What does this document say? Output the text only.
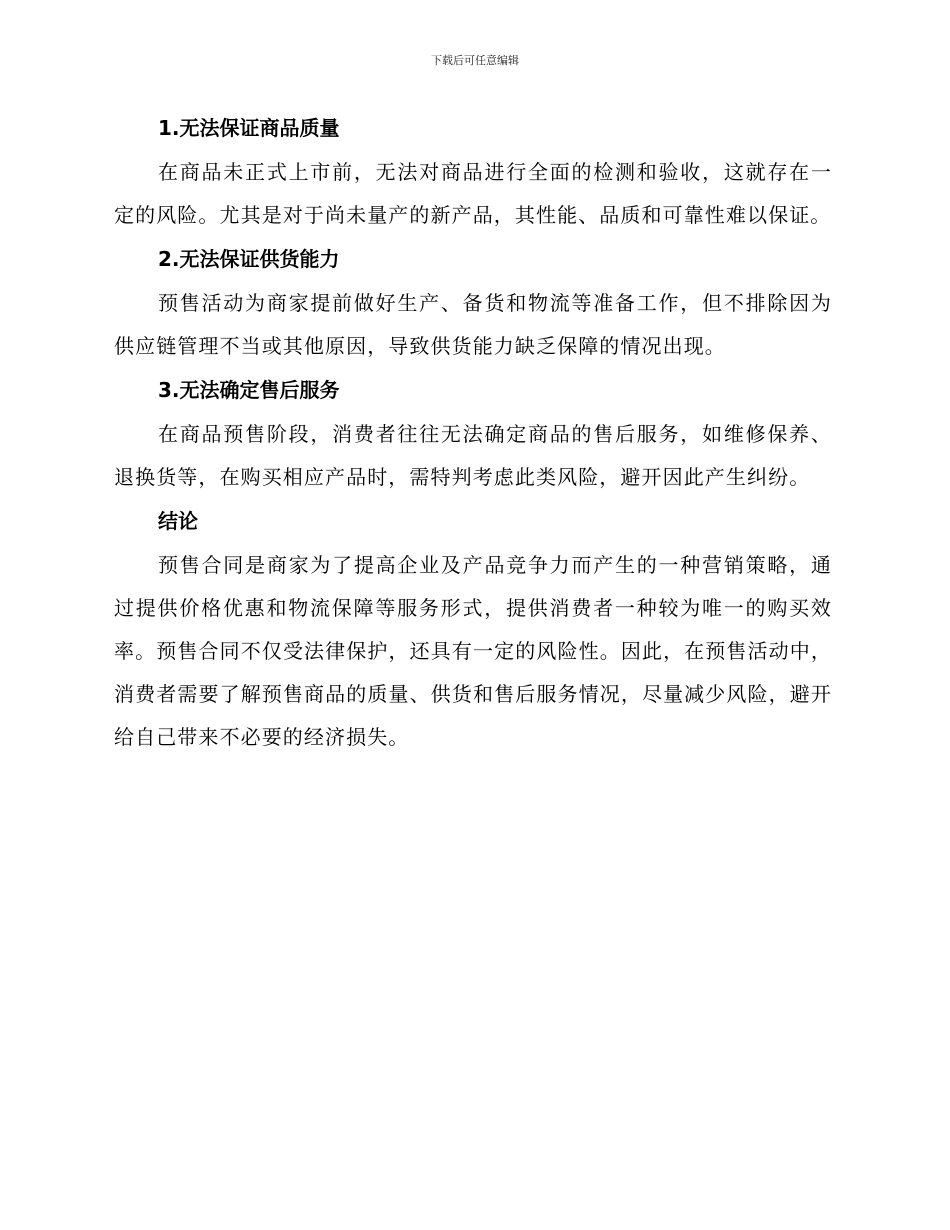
下载后可任意编辑
1.无法保证商品质量

在商品未正式上市前，无法对商品进行全面的检测和验收，这就存在一定的风险。尤其是对于尚未量产的新产品，其性能、品质和可靠性难以保证。

2.无法保证供货能力

预售活动为商家提前做好生产、备货和物流等准备工作，但不排除因为供应链管理不当或其他原因，导致供货能力缺乏保障的情况出现。

3.无法确定售后服务

在商品预售阶段，消费者往往无法确定商品的售后服务，如维修保养、退换货等，在购买相应产品时，需特判考虑此类风险，避开因此产生纠纷。

结论

预售合同是商家为了提高企业及产品竞争力而产生的一种营销策略，通过提供价格优惠和物流保障等服务形式，提供消费者一种较为唯一的购买效率。预售合同不仅受法律保护，还具有一定的风险性。因此，在预售活动中，消费者需要了解预售商品的质量、供货和售后服务情况，尽量减少风险，避开给自己带来不必要的经济损失。
